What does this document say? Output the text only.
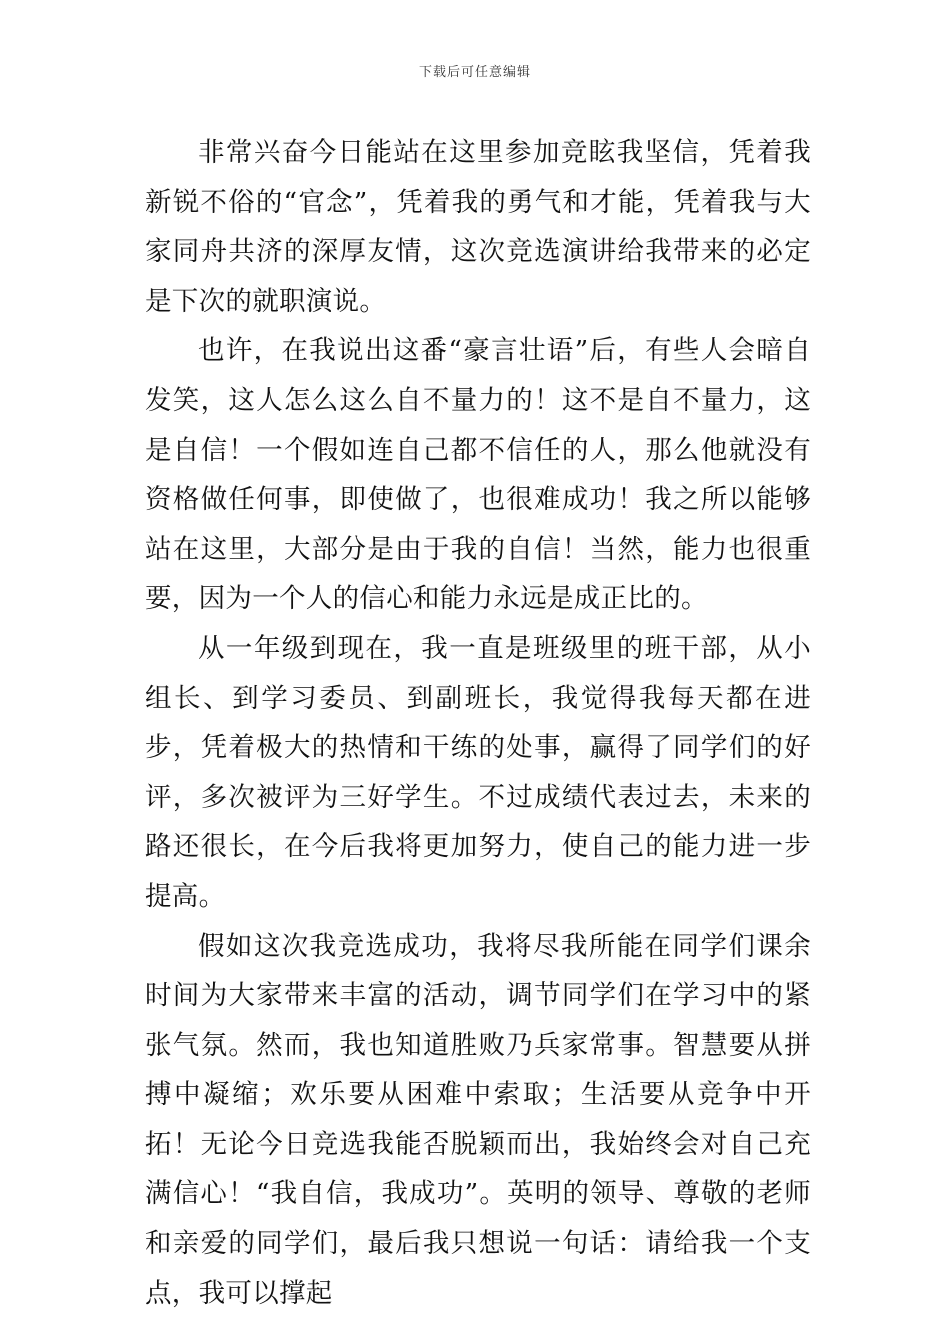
下载后可任意编辑

非常兴奋今日能站在这里参加竞眩我坚信，凭着我新锐不俗的“官念”，凭着我的勇气和才能，凭着我与大家同舟共济的深厚友情，这次竞选演讲给我带来的必定是下次的就职演说。

也许，在我说出这番“豪言壮语”后，有些人会暗自发笑，这人怎么这么自不量力的！这不是自不量力，这是自信！一个假如连自己都不信任的人，那么他就没有资格做任何事，即使做了，也很难成功！我之所以能够站在这里，大部分是由于我的自信！当然，能力也很重要，因为一个人的信心和能力永远是成正比的。

从一年级到现在，我一直是班级里的班干部，从小组长、到学习委员、到副班长，我觉得我每天都在进步，凭着极大的热情和干练的处事，赢得了同学们的好评，多次被评为三好学生。不过成绩代表过去，未来的路还很长，在今后我将更加努力，使自己的能力进一步提高。

假如这次我竞选成功，我将尽我所能在同学们课余时间为大家带来丰富的活动，调节同学们在学习中的紧张气氛。然而，我也知道胜败乃兵家常事。智慧要从拼搏中凝缩；欢乐要从困难中索取；生活要从竞争中开拓！无论今日竞选我能否脱颖而出，我始终会对自己充满信心！“我自信，我成功”。英明的领导、尊敬的老师和亲爱的同学们，最后我只想说一句话：请给我一个支点，我可以撑起
